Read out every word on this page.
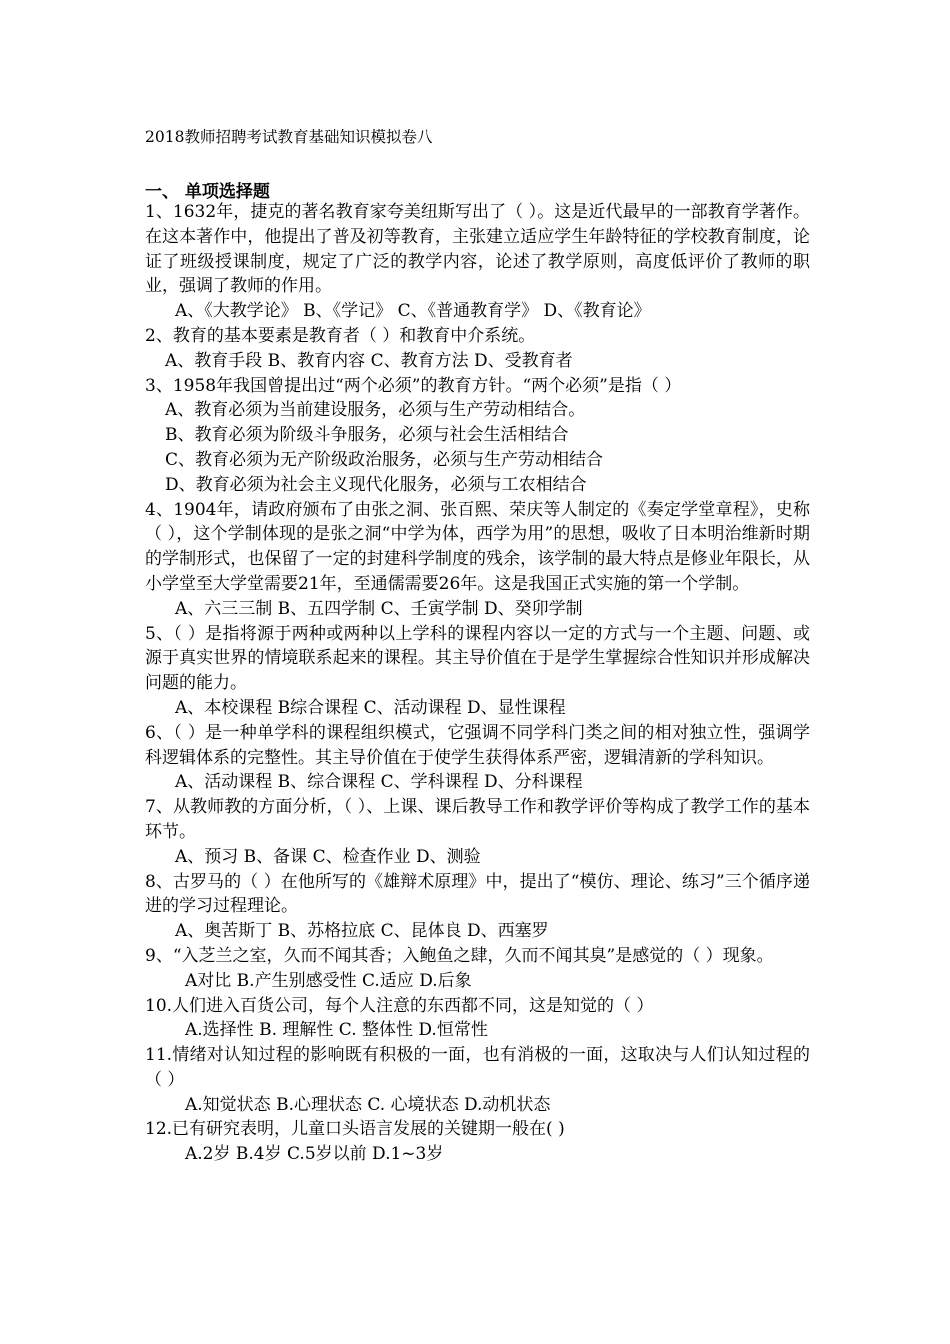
2018教师招聘考试教育基础知识模拟卷八
一、 单项选择题

1、1632年，捷克的著名教育家夸美纽斯写出了（ ）。这是近代最早的一部教育学著作。在这本著作中，他提出了普及初等教育，主张建立适应学生年龄特征的学校教育制度，论证了班级授课制度，规定了广泛的教学内容，论述了教学原则，高度低评价了教师的职业，强调了教师的作用。

A、《大教学论》 B、《学记》 C、《普通教育学》 D、《教育论》

2、教育的基本要素是教育者（ ）和教育中介系统。

A、教育手段 B、教育内容 C、教育方法 D、受教育者

3、1958年我国曾提出过“两个必须”的教育方针。“两个必须”是指（ ）

A、教育必须为当前建设服务，必须与生产劳动相结合。

B、教育必须为阶级斗争服务，必须与社会生活相结合

C、教育必须为无产阶级政治服务，必须与生产劳动相结合

D、教育必须为社会主义现代化服务，必须与工农相结合

4、1904年，请政府颁布了由张之洞、张百熙、荣庆等人制定的《奏定学堂章程》，史称（ ），这个学制体现的是张之洞“中学为体，西学为用”的思想，吸收了日本明治维新时期的学制形式，也保留了一定的封建科学制度的残余，该学制的最大特点是修业年限长，从小学堂至大学堂需要21年，至通儒需要26年。这是我国正式实施的第一个学制。

A、六三三制 B、五四学制 C、壬寅学制 D、癸卯学制

5、（ ）是指将源于两种或两种以上学科的课程内容以一定的方式与一个主题、问题、或源于真实世界的情境联系起来的课程。其主导价值在于是学生掌握综合性知识并形成解决问题的能力。

A、本校课程 B综合课程 C、活动课程 D、显性课程

6、（ ）是一种单学科的课程组织模式，它强调不同学科门类之间的相对独立性，强调学科逻辑体系的完整性。其主导价值在于使学生获得体系严密，逻辑清新的学科知识。

A、活动课程 B、综合课程 C、学科课程 D、分科课程

7、从教师教的方面分析，（ ）、上课、课后教导工作和教学评价等构成了教学工作的基本环节。

A、预习 B、备课 C、检查作业 D、测验

8、古罗马的（ ）在他所写的《雄辩术原理》中，提出了“模仿、理论、练习”三个循序递进的学习过程理论。

A、奥苦斯丁 B、苏格拉底 C、昆体良 D、西塞罗

9、“入芝兰之室，久而不闻其香；入鲍鱼之肆，久而不闻其臭”是感觉的（ ）现象。

A对比 B.产生别感受性 C.适应 D.后象

10.人们进入百货公司，每个人注意的东西都不同，这是知觉的（ ）

A.选择性 B. 理解性 C. 整体性 D.恒常性

11.情绪对认知过程的影响既有积极的一面，也有消极的一面，这取决与人们认知过程的（ ）

A.知觉状态 B.心理状态 C. 心境状态 D.动机状态

12.已有研究表明，儿童口头语言发展的关键期一般在( )

A.2岁 B.4岁 C.5岁以前 D.1~3岁
